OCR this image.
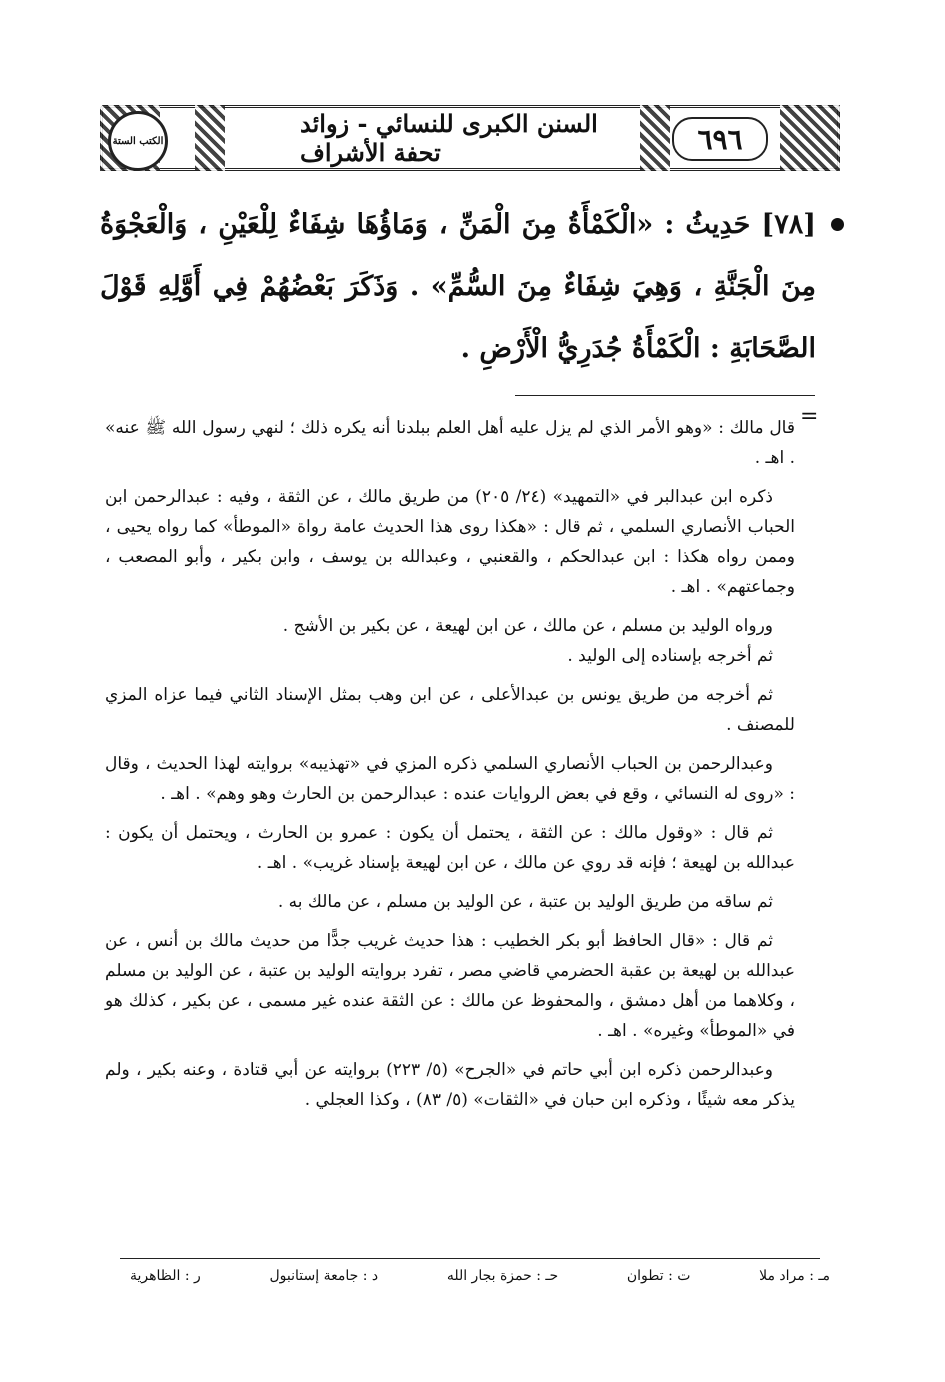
الكتب الستة
السنن الكبرى للنسائي - زوائد تحفة الأشراف	٦٩٦
[٧٨] حَدِيثُ : «الْكَمْأَةُ مِنَ الْمَنِّ ، وَمَاؤُهَا شِفَاءٌ لِلْعَيْنِ ، وَالْعَجْوَةُ مِنَ الْجَنَّةِ ، وَهِيَ شِفَاءٌ مِنَ السُّمِّ» . وَذَكَرَ بَعْضُهُمْ فِي أَوَّلِهِ قَوْلَ الصَّحَابَةِ : الْكَمْأَةُ جُدَرِيُّ الْأَرْضِ .
=

قال مالك : «وهو الأمر الذي لم يزل عليه أهل العلم ببلدنا أنه يكره ذلك ؛ لنهي رسول الله ﷺ عنه» . اهـ .

ذكره ابن عبدالبر في «التمهيد» (٢٤/ ٢٠٥) من طريق مالك ، عن الثقة ، وفيه : عبدالرحمن ابن الحباب الأنصاري السلمي ، ثم قال : «هكذا روى هذا الحديث عامة رواة «الموطأ» كما رواه يحيى ، وممن رواه هكذا : ابن عبدالحكم ، والقعنبي ، وعبدالله بن يوسف ، وابن بكير ، وأبو المصعب ، وجماعتهم» . اهـ .

ورواه الوليد بن مسلم ، عن مالك ، عن ابن لهيعة ، عن بكير بن الأشج .

ثم أخرجه بإسناده إلى الوليد .

ثم أخرجه من طريق يونس بن عبدالأعلى ، عن ابن وهب بمثل الإسناد الثاني فيما عزاه المزي للمصنف .

وعبدالرحمن بن الحباب الأنصاري السلمي ذكره المزي في «تهذيبه» بروايته لهذا الحديث ، وقال : «روى له النسائي ، وقع في بعض الروايات عنده : عبدالرحمن بن الحارث وهو وهم» . اهـ .

ثم قال : «وقول مالك : عن الثقة ، يحتمل أن يكون : عمرو بن الحارث ، ويحتمل أن يكون : عبدالله بن لهيعة ؛ فإنه قد روي عن مالك ، عن ابن لهيعة بإسناد غريب» . اهـ .

ثم ساقه من طريق الوليد بن عتبة ، عن الوليد بن مسلم ، عن مالك به .

ثم قال : «قال الحافظ أبو بكر الخطيب : هذا حديث غريب جدًّا من حديث مالك بن أنس ، عن عبدالله بن لهيعة بن عقبة الحضرمي قاضي مصر ، تفرد بروايته الوليد بن عتبة ، عن الوليد بن مسلم ، وكلاهما من أهل دمشق ، والمحفوظ عن مالك : عن الثقة عنده غير مسمى ، عن بكير ، كذلك هو في «الموطأ» وغيره» . اهـ .

وعبدالرحمن ذكره ابن أبي حاتم في «الجرح» (٥/ ٢٢٣) بروايته عن أبي قتادة ، وعنه بكير ، ولم يذكر معه شيئًا ، وذكره ابن حبان في «الثقات» (٥/ ٨٣) ، وكذا العجلي .

مـ : مراد ملا
ت : تطوان
حـ : حمزة بجار الله
د : جامعة إستانبول
ر : الظاهرية
